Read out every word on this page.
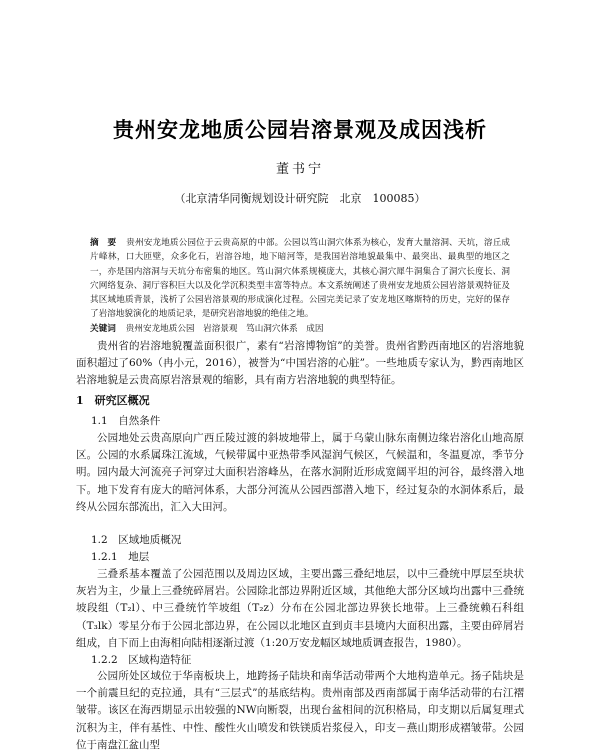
贵州安龙地质公园岩溶景观及成因浅析
董书宁
（北京清华同衡规划设计研究院　北京　100085）
摘　要 贵州安龙地质公园位于云贵高原的中部。公园以笃山洞穴体系为核心，发育大量溶洞、天坑，溶丘成片峰林，口大匝壁，众多化石，岩溶谷地，地下暗河等，是我国岩溶地貌最集中、最突出、最典型的地区之一，亦是国内溶洞与天坑分布密集的地区。笃山洞穴体系规模庞大，其核心洞穴犀牛洞集合了洞穴长度长、洞穴网络复杂、洞厅容积巨大以及化学沉积类型丰富等特点。本文系统阐述了贵州安龙地质公园岩溶景观特征及其区域地质背景，浅析了公园岩溶景观的形成演化过程。公园完美记录了安龙地区喀斯特的历史，完好的保存了岩溶地貌演化的地质记录，是研究岩溶地貌的绝佳之地。
关键词 贵州安龙地质公园　岩溶景观　笃山洞穴体系　成因
贵州省的岩溶地貌覆盖面积很广，素有“岩溶博物馆”的美誉。贵州省黔西南地区的岩溶地貌面积超过了60%（冉小元，2016），被誉为“中国岩溶的心脏”。一些地质专家认为，黔西南地区岩溶地貌是云贵高原岩溶景观的缩影，具有南方岩溶地貌的典型特征。
1　研究区概况
1.1　自然条件
公园地处云贵高原向广西丘陵过渡的斜坡地带上，属于乌蒙山脉东南侧边缘岩溶化山地高原区。公园的水系属珠江流域，气候带属中亚热带季风湿润气候区，气候温和，冬温夏凉，季节分明。园内最大河流亮子河穿过大面积岩溶峰丛，在落水洞附近形成宽阔平坦的河谷，最终潜入地下。地下发育有庞大的暗河体系，大部分河流从公园西部潜入地下，经过复杂的水洞体系后，最终从公园东部流出，汇入大田河。
1.2　区域地质概况
1.2.1　地层
三叠系基本覆盖了公园范围以及周边区域，主要出露三叠纪地层，以中三叠统中厚层至块状灰岩为主，少量上三叠统碎屑岩。公园除北部边界附近区域，其他绝大部分区域均出露中三叠统坡段组（T₂l）、中三叠统竹竿坡组（T₂z）分布在公园北部边界狭长地带。上三叠统赖石科组（T₃lk）零星分布于公园北部边界，在公园以北地区直到贞丰县境内大面积出露，主要由碎屑岩组成，自下而上由海相向陆相逐渐过渡（1:20万安龙幅区域地质调查报告，1980）。
1.2.2　区域构造特征
公园所处区域位于华南板块上，地跨扬子陆块和南华活动带两个大地构造单元。扬子陆块是一个前震旦纪的克拉通，具有“三层式”的基底结构。贵州南部及西南部属于南华活动带的右江褶皱带。该区在海西期显示出较强的NW向断裂，出现台盆相间的沉积格局，印支期以后属复理式沉积为主，伴有基性、中性、酸性火山喷发和铁镁质岩浆侵入，印支－燕山期形成褶皱带。公园位于南盘江盆山型
